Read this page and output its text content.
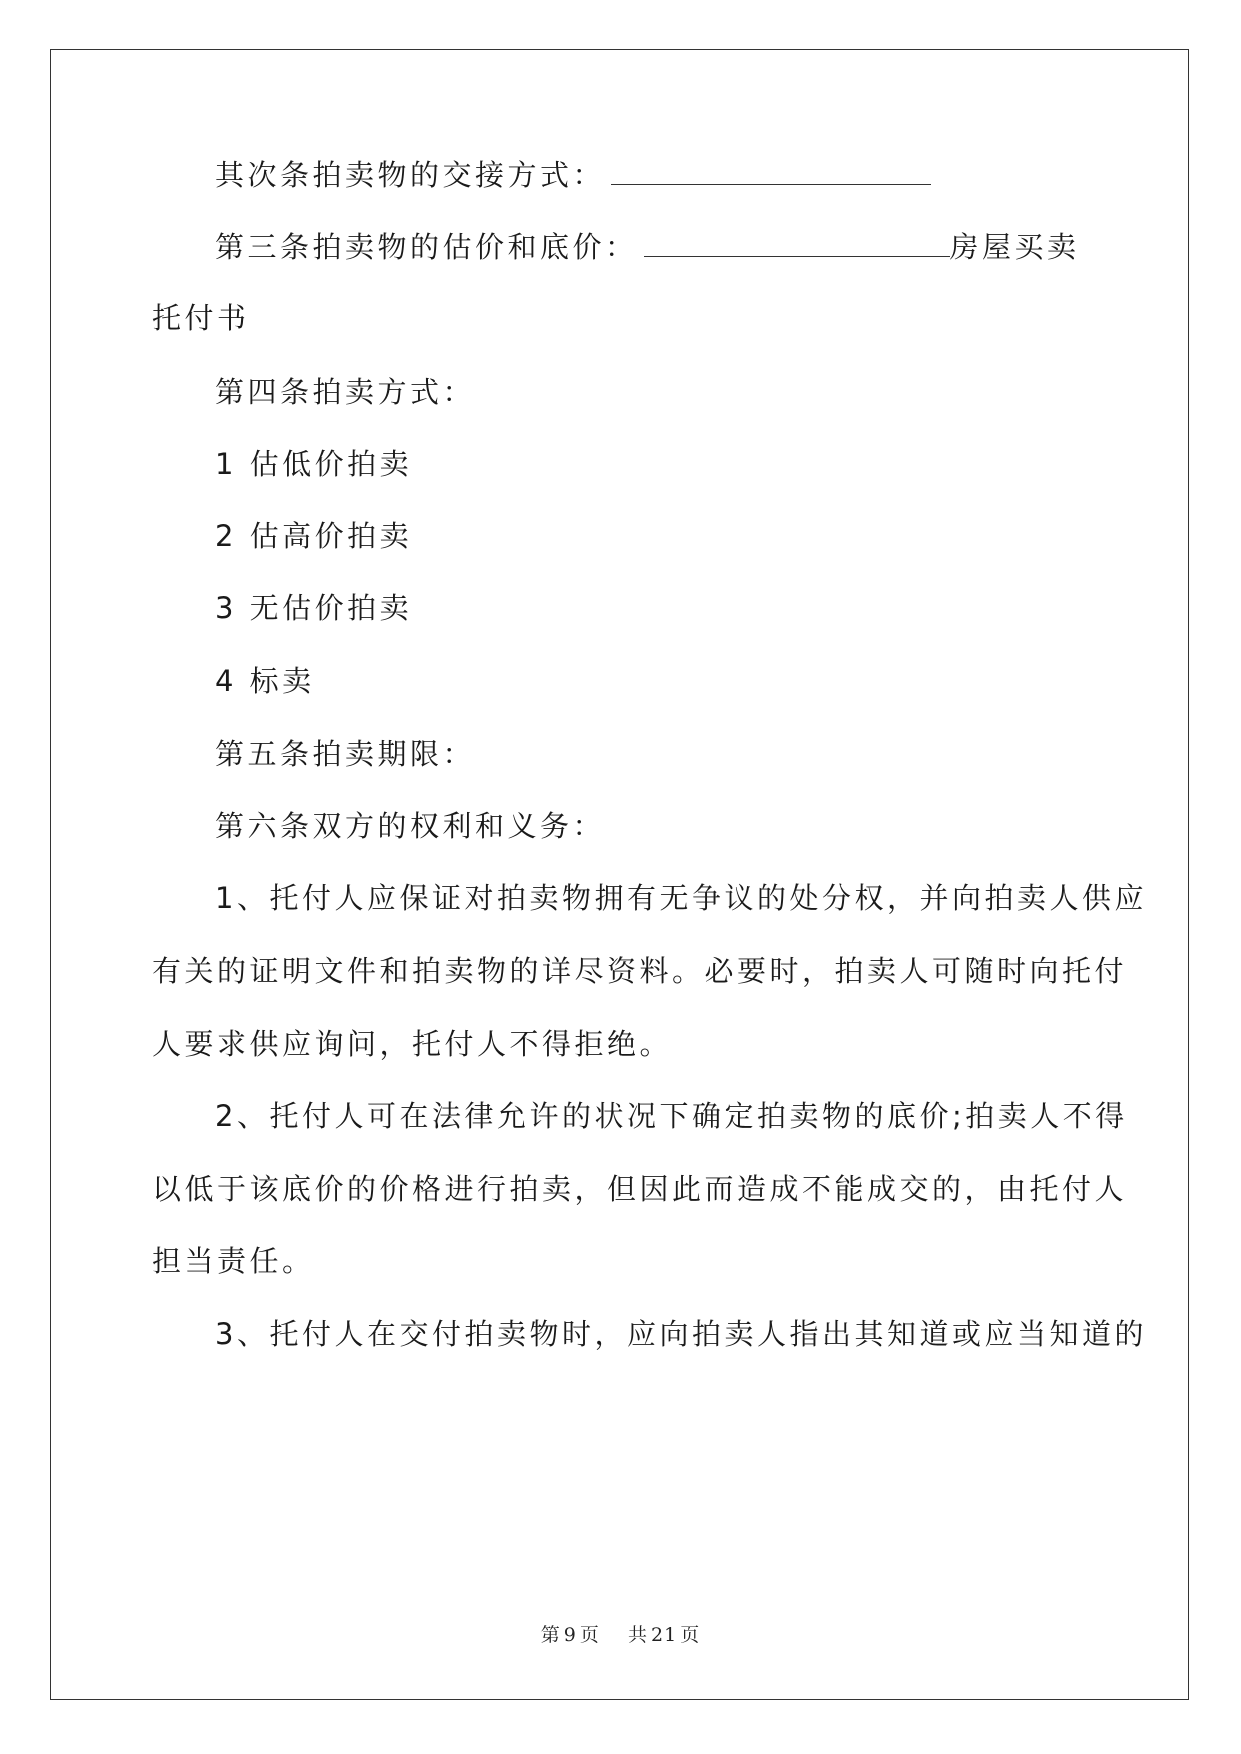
其次条拍卖物的交接方式：
第三条拍卖物的估价和底价：	房屋买卖
托付书
第四条拍卖方式：
1 估低价拍卖
2 估高价拍卖
3 无估价拍卖
4 标卖
第五条拍卖期限：
第六条双方的权利和义务：
1、托付人应保证对拍卖物拥有无争议的处分权，并向拍卖人供应
有关的证明文件和拍卖物的详尽资料。必要时，拍卖人可随时向托付
人要求供应询问，托付人不得拒绝。
2、托付人可在法律允许的状况下确定拍卖物的底价;拍卖人不得
以低于该底价的价格进行拍卖，但因此而造成不能成交的，由托付人
担当责任。
3、托付人在交付拍卖物时，应向拍卖人指出其知道或应当知道的
第 9 页 共 21 页
